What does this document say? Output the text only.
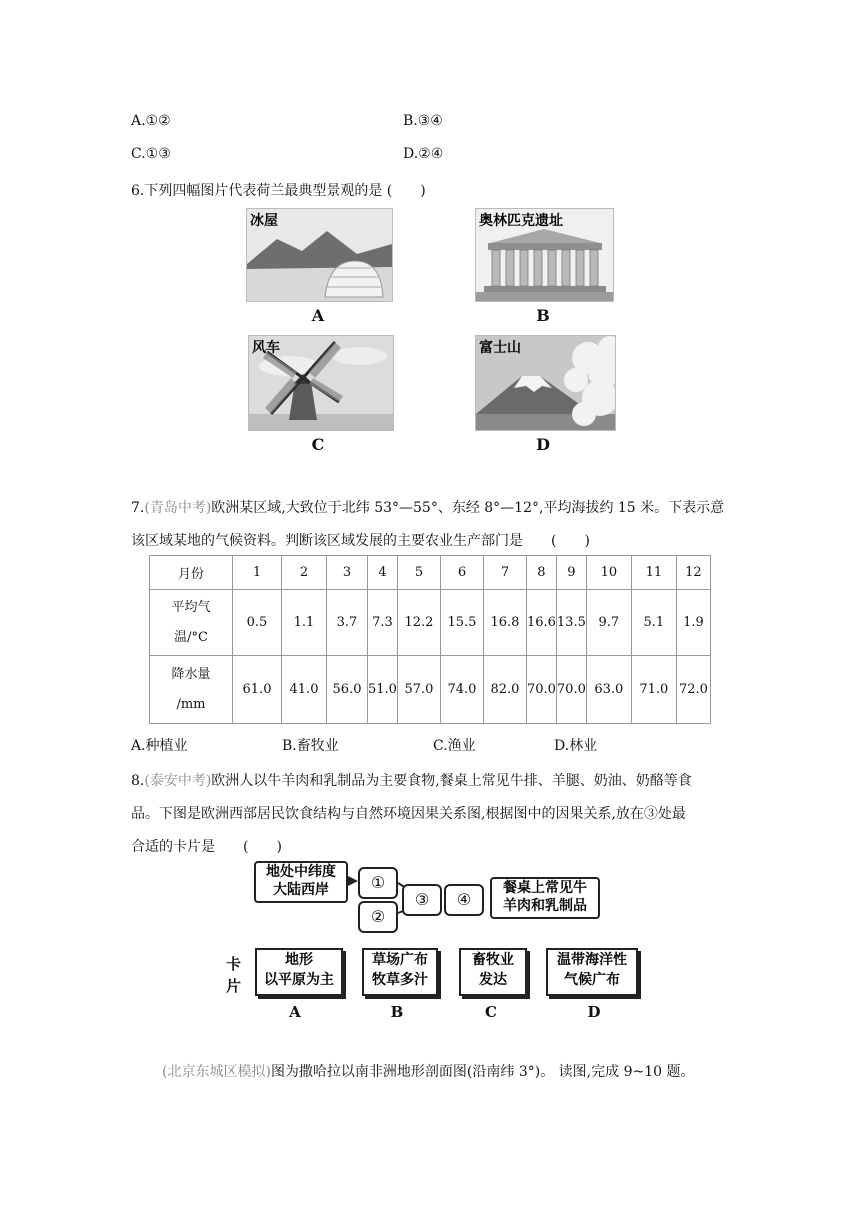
A.①②	B.③④
C.①③	D.②④
6.下列四幅图片代表荷兰最典型景观的是 (　　)
冰屋
A
奥林匹克遗址
B
风车
C
富士山
D
7.(青岛中考)欧洲某区域,大致位于北纬 53°—55°、东经 8°—12°,平均海拔约 15 米。下表示意
该区域某地的气候资料。判断该区域发展的主要农业生产部门是　　(　　)
月份	1	2	3	4	5	6	7	8	9	10	11	12
平均气
温/°C	0.5	1.1	3.7	7.3	12.2	15.5	16.8	16.6	13.5	9.7	5.1	1.9
降水量
/mm	61.0	41.0	56.0	51.0	57.0	74.0	82.0	70.0	70.0	63.0	71.0	72.0
A.种植业	B.畜牧业	C.渔业	D.林业
8.(泰安中考)欧洲人以牛羊肉和乳制品为主要食物,餐桌上常见牛排、羊腿、奶油、奶酪等食
品。下图是欧洲西部居民饮食结构与自然环境因果关系图,根据图中的因果关系,放在③处最
合适的卡片是　　(　　)
地处中纬度
大陆西岸	①
②
③	④
餐桌上常见牛
羊肉和乳制品
卡
片
地形
以平原为主
草场广布
牧草多汁
畜牧业
发达
温带海洋性
气候广布
A	B	C	D
(北京东城区模拟)图为撒哈拉以南非洲地形剖面图(沿南纬 3°)。 读图,完成 9~10 题。
